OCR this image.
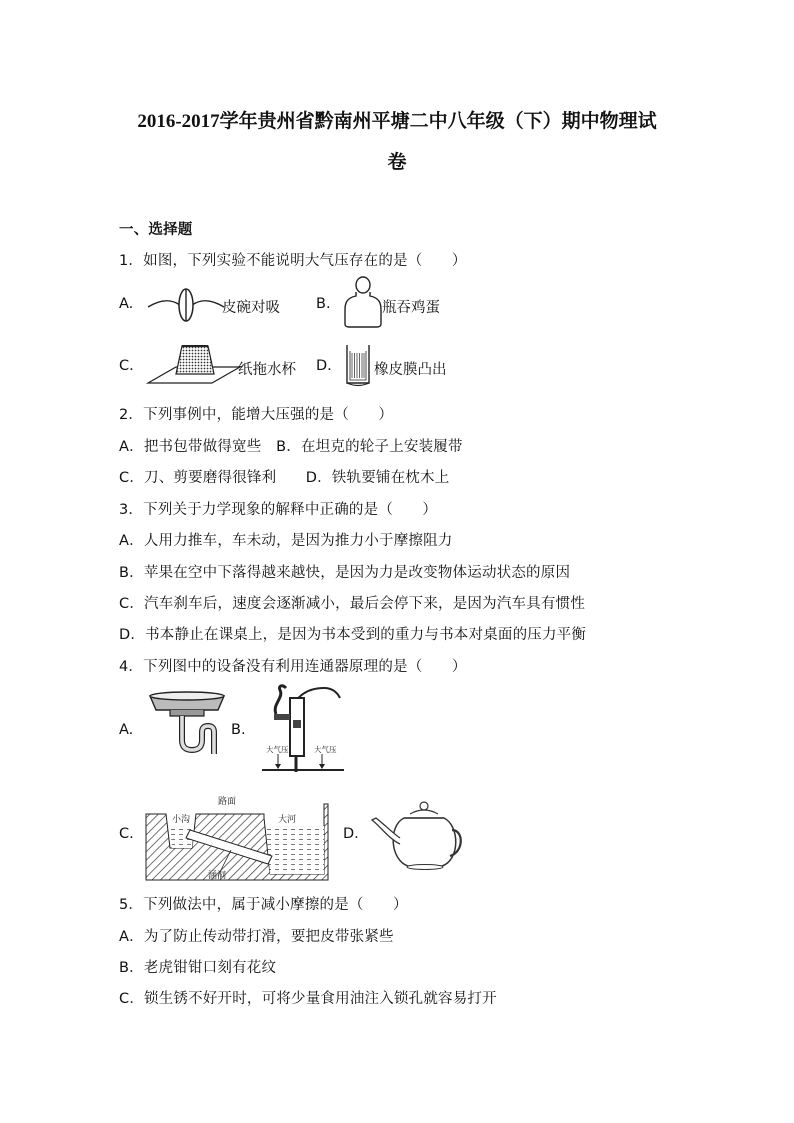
2016-2017学年贵州省黔南州平塘二中八年级（下）期中物理试
卷
一、选择题
1．如图，下列实验不能说明大气压存在的是（　　）
A.	皮碗对吸 B.	瓶吞鸡蛋
C.	纸拖水杯 D.	橡皮膜凸出
2．下列事例中，能增大压强的是（　　）
A．把书包带做得宽些　B．在坦克的轮子上安装履带
C．刀、剪要磨得很锋利　　D．铁轨要铺在枕木上
3．下列关于力学现象的解释中正确的是（　　）
A．人用力推车，车未动，是因为推力小于摩擦阻力
B．苹果在空中下落得越来越快，是因为力是改变物体运动状态的原因
C．汽车刹车后，速度会逐渐减小，最后会停下来，是因为汽车具有惯性
D．书本静止在课桌上，是因为书本受到的重力与书本对桌面的压力平衡
4．下列图中的设备没有利用连通器原理的是（　　）
A.	B.
大气压	大气压
C.
路面
小沟	大河
涵洞
D.
5．下列做法中，属于减小摩擦的是（　　）
A．为了防止传动带打滑，要把皮带张紧些
B．老虎钳钳口刻有花纹
C．锁生锈不好开时，可将少量食用油注入锁孔就容易打开
